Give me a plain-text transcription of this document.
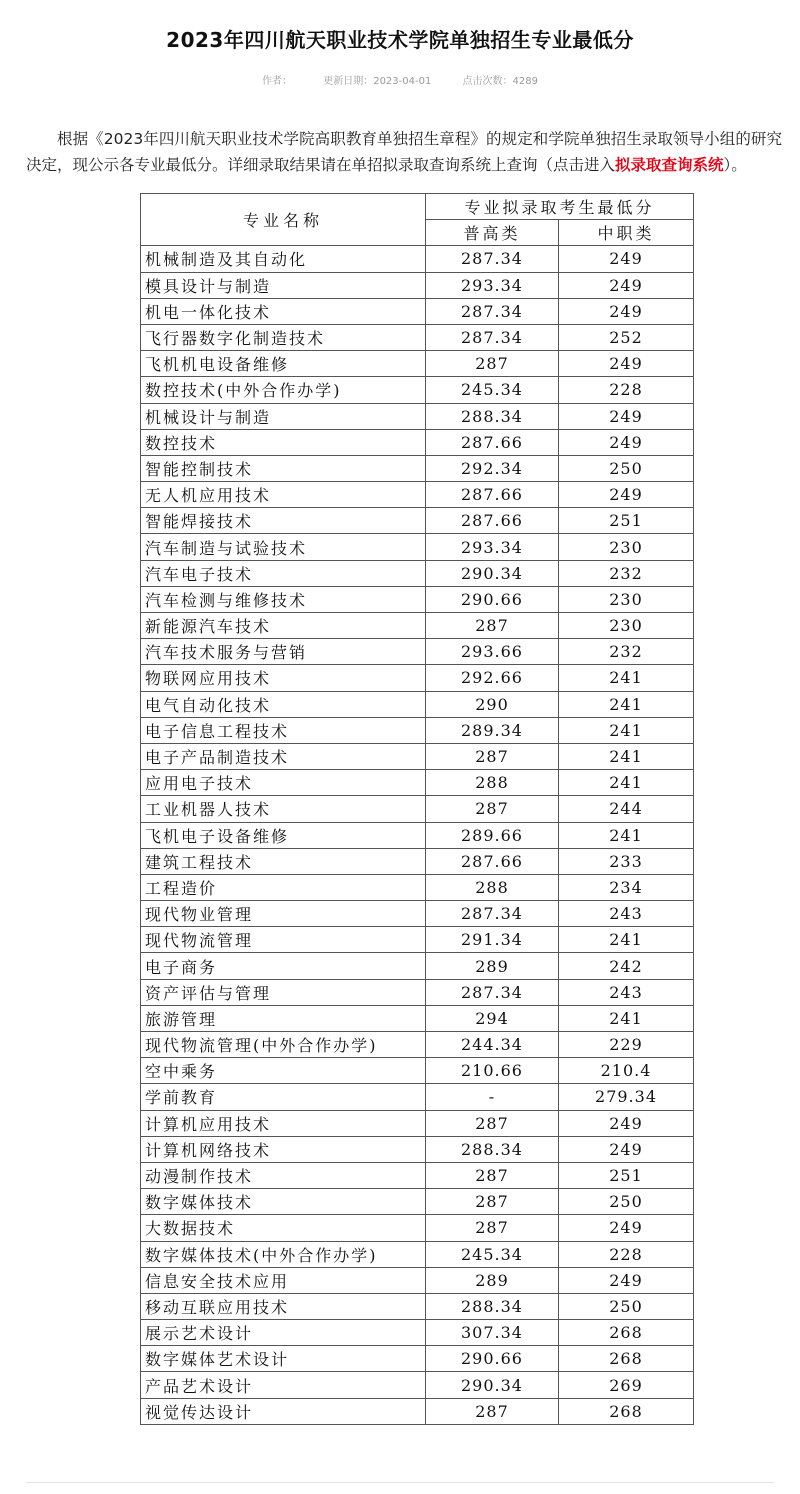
2023年四川航天职业技术学院单独招生专业最低分
作者：	更新日期：2023-04-01	点击次数：4289

根据《2023年四川航天职业技术学院高职教育单独招生章程》的规定和学院单独招生录取领导小组的研究决定，现公示各专业最低分。详细录取结果请在单招拟录取查询系统上查询（点击进入拟录取查询系统）。

专业名称	专业拟录取考生最低分	
	普高类	中职类
机械制造及其自动化	287.34	249
模具设计与制造	293.34	249
机电一体化技术	287.34	249
飞行器数字化制造技术	287.34	252
飞机机电设备维修	287	249
数控技术(中外合作办学)	245.34	228
机械设计与制造	288.34	249
数控技术	287.66	249
智能控制技术	292.34	250
无人机应用技术	287.66	249
智能焊接技术	287.66	251
汽车制造与试验技术	293.34	230
汽车电子技术	290.34	232
汽车检测与维修技术	290.66	230
新能源汽车技术	287	230
汽车技术服务与营销	293.66	232
物联网应用技术	292.66	241
电气自动化技术	290	241
电子信息工程技术	289.34	241
电子产品制造技术	287	241
应用电子技术	288	241
工业机器人技术	287	244
飞机电子设备维修	289.66	241
建筑工程技术	287.66	233
工程造价	288	234
现代物业管理	287.34	243
现代物流管理	291.34	241
电子商务	289	242
资产评估与管理	287.34	243
旅游管理	294	241
现代物流管理(中外合作办学)	244.34	229
空中乘务	210.66	210.4
学前教育	-	279.34
计算机应用技术	287	249
计算机网络技术	288.34	249
动漫制作技术	287	251
数字媒体技术	287	250
大数据技术	287	249
数字媒体技术(中外合作办学)	245.34	228
信息安全技术应用	289	249
移动互联应用技术	288.34	250
展示艺术设计	307.34	268
数字媒体艺术设计	290.66	268
产品艺术设计	290.34	269
视觉传达设计	287	268
